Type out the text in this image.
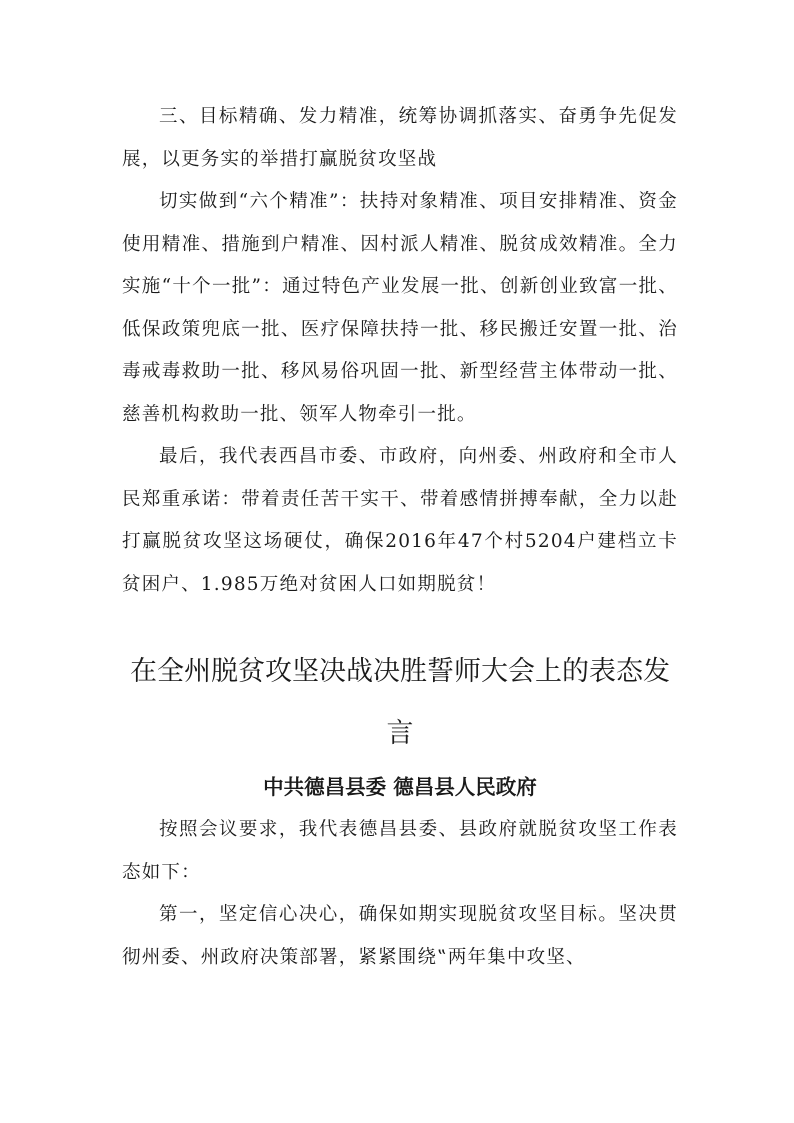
三、目标精确、发力精准，统筹协调抓落实、奋勇争先促发展，以更务实的举措打赢脱贫攻坚战

切实做到“六个精准”：扶持对象精准、项目安排精准、资金使用精准、措施到户精准、因村派人精准、脱贫成效精准。全力实施“十个一批”：通过特色产业发展一批、创新创业致富一批、低保政策兜底一批、医疗保障扶持一批、移民搬迁安置一批、治毒戒毒救助一批、移风易俗巩固一批、新型经营主体带动一批、慈善机构救助一批、领军人物牵引一批。

最后，我代表西昌市委、市政府，向州委、州政府和全市人民郑重承诺：带着责任苦干实干、带着感情拼搏奉献，全力以赴打赢脱贫攻坚这场硬仗，确保2016年47个村5204户建档立卡贫困户、1.985万绝对贫困人口如期脱贫！

在全州脱贫攻坚决战决胜誓师大会上的表态发言
中共德昌县委 德昌县人民政府

按照会议要求，我代表德昌县委、县政府就脱贫攻坚工作表态如下：

第一，坚定信心决心，确保如期实现脱贫攻坚目标。坚决贯彻州委、州政府决策部署，紧紧围绕‟两年集中攻坚、
